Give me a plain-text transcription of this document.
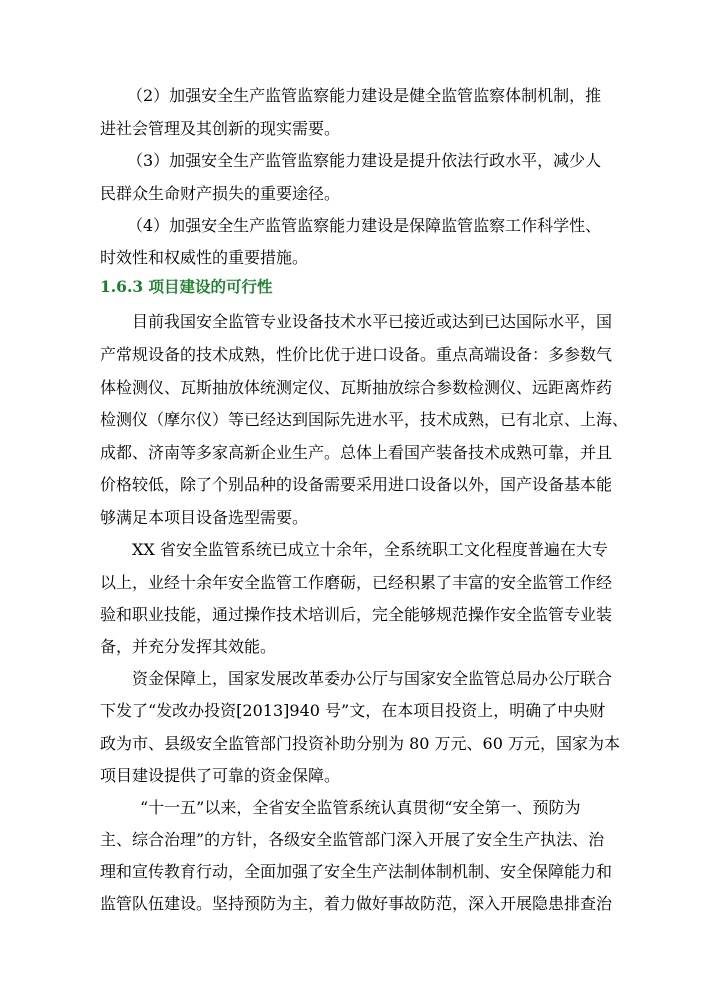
（2）加强安全生产监管监察能力建设是健全监管监察体制机制，推
进社会管理及其创新的现实需要。
（3）加强安全生产监管监察能力建设是提升依法行政水平，减少人
民群众生命财产损失的重要途径。
（4）加强安全生产监管监察能力建设是保障监管监察工作科学性、
时效性和权威性的重要措施。
1.6.3 项目建设的可行性
目前我国安全监管专业设备技术水平已接近或达到已达国际水平，国
产常规设备的技术成熟，性价比优于进口设备。重点高端设备：多参数气
体检测仪、瓦斯抽放体统测定仪、瓦斯抽放综合参数检测仪、远距离炸药
检测仪（摩尔仪）等已经达到国际先进水平，技术成熟，已有北京、上海、
成都、济南等多家高新企业生产。总体上看国产装备技术成熟可靠，并且
价格较低，除了个别品种的设备需要采用进口设备以外，国产设备基本能
够满足本项目设备选型需要。
XX 省安全监管系统已成立十余年，全系统职工文化程度普遍在大专
以上，业经十余年安全监管工作磨砺，已经积累了丰富的安全监管工作经
验和职业技能，通过操作技术培训后，完全能够规范操作安全监管专业装
备，并充分发挥其效能。
资金保障上，国家发展改革委办公厅与国家安全监管总局办公厅联合
下发了“发改办投资[2013]940 号”文，在本项目投资上，明确了中央财
政为市、县级安全监管部门投资补助分别为 80 万元、60 万元，国家为本
项目建设提供了可靠的资金保障。
“十一五”以来，全省安全监管系统认真贯彻“安全第一、预防为
主、综合治理”的方针，各级安全监管部门深入开展了安全生产执法、治
理和宣传教育行动，全面加强了安全生产法制体制机制、安全保障能力和
监管队伍建设。坚持预防为主，着力做好事故防范，深入开展隐患排查治
